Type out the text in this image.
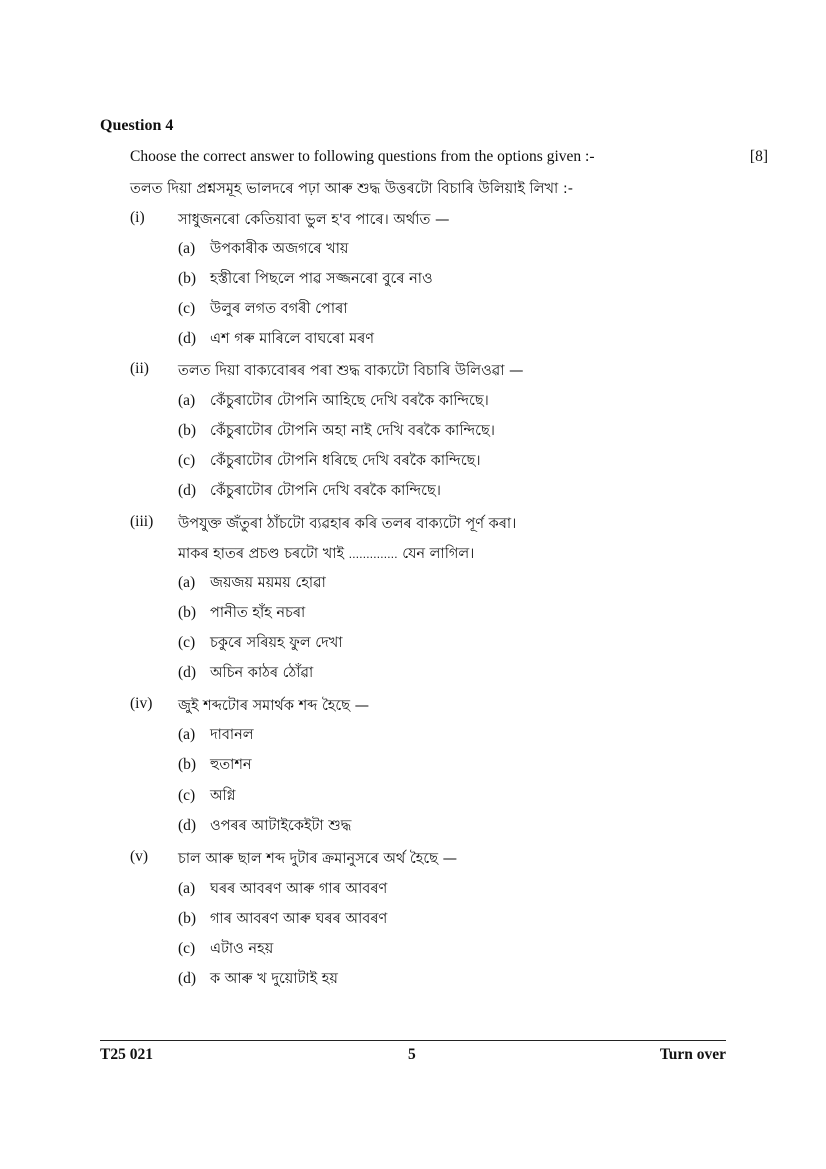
Question 4
Choose the correct answer to following questions from the options given :-	[8]
তলত দিয়া প্ৰশ্নসমূহ ভালদৰে পঢ়া আৰু শুদ্ধ উত্তৰটো বিচাৰি উলিয়াই লিখা :-
(i) সাধুজনৰো কেতিয়াবা ভুল হ'ব পাৰে। অৰ্থাত —
(a) উপকাৰীক অজগৰে খায়
(b) হস্তীৰো পিছলে পাৱ সজ্জনৰো বুৰে নাও
(c) উলুৰ লগত বগৰী পোৰা
(d) এশ গৰু মাৰিলে বাঘৰো মৰণ
(ii) তলত দিয়া বাক্যবোৰৰ পৰা শুদ্ধ বাক্যটো বিচাৰি উলিওৱা —
(a) কেঁচুৰাটোৰ টোপনি আহিছে দেখি বৰকৈ কান্দিছে।
(b) কেঁচুৰাটোৰ টোপনি অহা নাই দেখি বৰকৈ কান্দিছে।
(c) কেঁচুৰাটোৰ টোপনি ধৰিছে দেখি বৰকৈ কান্দিছে।
(d) কেঁচুৰাটোৰ টোপনি দেখি বৰকৈ কান্দিছে।
(iii) উপযুক্ত জঁতুৰা ঠাঁচটো ব্যৱহাৰ কৰি তলৰ বাক্যটো পূৰ্ণ কৰা।
মাকৰ হাতৰ প্ৰচণ্ড চৰটো খাই .............. যেন লাগিল।
(a) জয়জয় ময়ময় হোৱা
(b) পানীত হাঁহ নচৰা
(c) চকুৰে সৰিয়হ ফুল দেখা
(d) অচিন কাঠৰ ঠোঁৱা
(iv) জুই শব্দটোৰ সমাৰ্থক শব্দ হৈছে —
(a) দাবানল
(b) হুতাশন
(c) অগ্নি
(d) ওপৰৰ আটাইকেইটা শুদ্ধ
(v) চাল আৰু ছাল শব্দ দুটাৰ ক্ৰমানুসৰে অৰ্থ হৈছে —
(a) ঘৰৰ আবৰণ আৰু গাৰ আবৰণ
(b) গাৰ আবৰণ আৰু ঘৰৰ আবৰণ
(c) এটাও নহয়
(d) ক আৰু খ দুয়োটাই হয়
T25 021	5	Turn over
